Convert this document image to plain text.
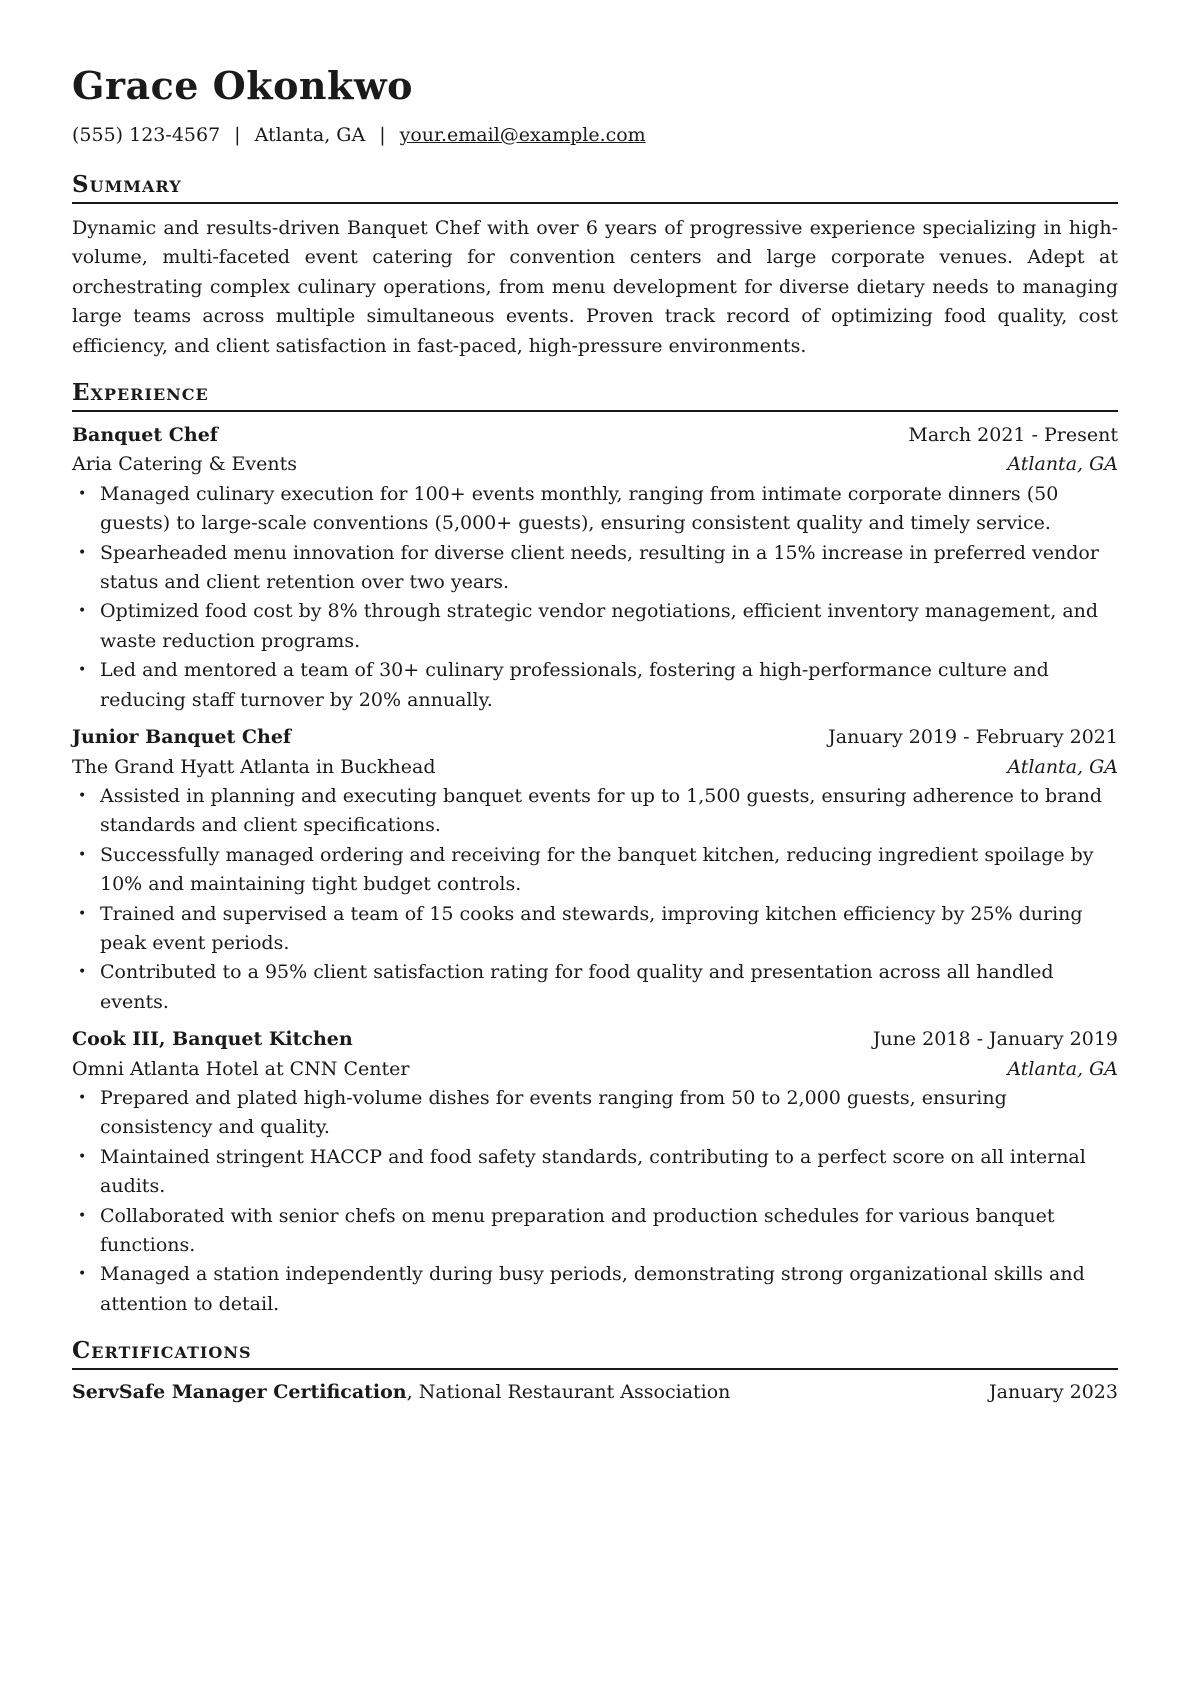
Grace Okonkwo
(555) 123-4567 | Atlanta, GA | your.email@example.com
Summary

Dynamic and results-driven Banquet Chef with over 6 years of progressive experience specializing in high-volume, multi-faceted event catering for convention centers and large corporate venues. Adept at orchestrating complex culinary operations, from menu development for diverse dietary needs to managing large teams across multiple simultaneous events. Proven track record of optimizing food quality, cost efficiency, and client satisfaction in fast-paced, high-pressure environments.

Experience
Banquet Chef	March 2021 - Present
Aria Catering & Events	Atlanta, GA
• Managed culinary execution for 100+ events monthly, ranging from intimate corporate dinners (50 guests) to large-scale conventions (5,000+ guests), ensuring consistent quality and timely service.
• Spearheaded menu innovation for diverse client needs, resulting in a 15% increase in preferred vendor status and client retention over two years.
• Optimized food cost by 8% through strategic vendor negotiations, efficient inventory management, and waste reduction programs.
• Led and mentored a team of 30+ culinary professionals, fostering a high-performance culture and reducing staff turnover by 20% annually.
Junior Banquet Chef	January 2019 - February 2021
The Grand Hyatt Atlanta in Buckhead	Atlanta, GA
• Assisted in planning and executing banquet events for up to 1,500 guests, ensuring adherence to brand standards and client specifications.
• Successfully managed ordering and receiving for the banquet kitchen, reducing ingredient spoilage by 10% and maintaining tight budget controls.
• Trained and supervised a team of 15 cooks and stewards, improving kitchen efficiency by 25% during peak event periods.
• Contributed to a 95% client satisfaction rating for food quality and presentation across all handled events.
Cook III, Banquet Kitchen	June 2018 - January 2019
Omni Atlanta Hotel at CNN Center	Atlanta, GA
• Prepared and plated high-volume dishes for events ranging from 50 to 2,000 guests, ensuring consistency and quality.
• Maintained stringent HACCP and food safety standards, contributing to a perfect score on all internal audits.
• Collaborated with senior chefs on menu preparation and production schedules for various banquet functions.
• Managed a station independently during busy periods, demonstrating strong organizational skills and attention to detail.
Certifications
ServSafe Manager Certification, National Restaurant Association	January 2023
